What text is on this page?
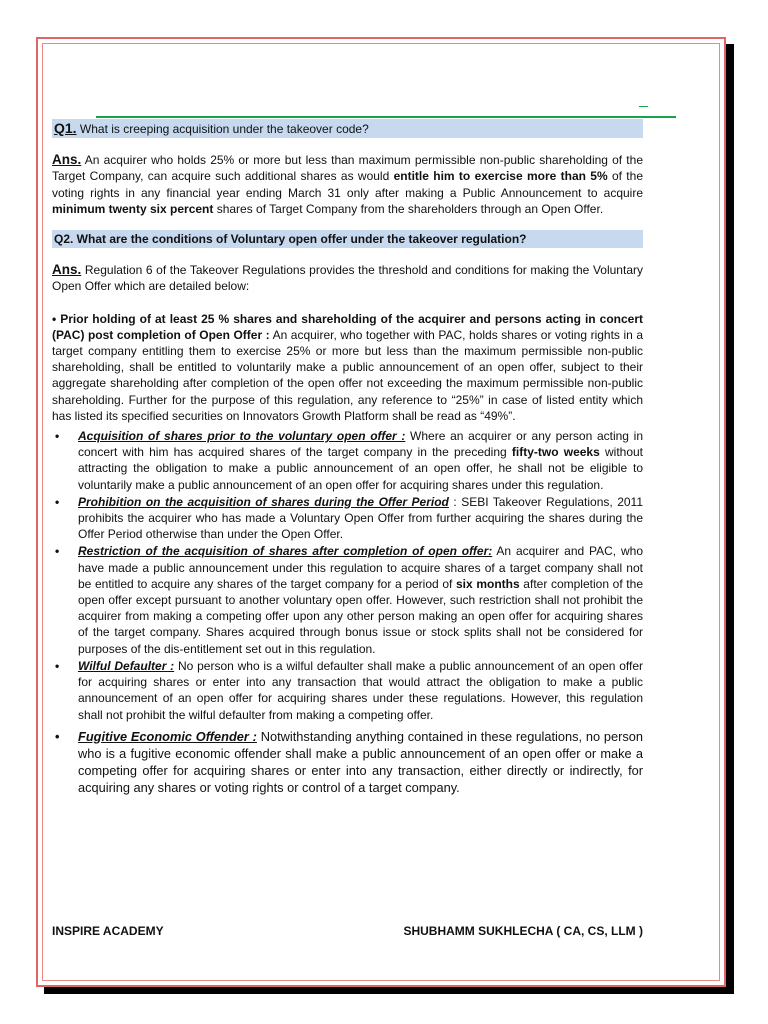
Q1. What is creeping acquisition under the takeover code?

Ans. An acquirer who holds 25% or more but less than maximum permissible non-public shareholding of the Target Company, can acquire such additional shares as would entitle him to exercise more than 5% of the voting rights in any financial year ending March 31 only after making a Public Announcement to acquire minimum twenty six percent shares of Target Company from the shareholders through an Open Offer.

Q2. What are the conditions of Voluntary open offer under the takeover regulation?

Ans. Regulation 6 of the Takeover Regulations provides the threshold and conditions for making the Voluntary Open Offer which are detailed below:

• Prior holding of at least 25 % shares and shareholding of the acquirer and persons acting in concert (PAC) post completion of Open Offer : An acquirer, who together with PAC, holds shares or voting rights in a target company entitling them to exercise 25% or more but less than the maximum permissible non-public shareholding, shall be entitled to voluntarily make a public announcement of an open offer, subject to their aggregate shareholding after completion of the open offer not exceeding the maximum permissible non-public shareholding. Further for the purpose of this regulation, any reference to “25%” in case of listed entity which has listed its specified securities on Innovators Growth Platform shall be read as “49%”.

• Acquisition of shares prior to the voluntary open offer : Where an acquirer or any person acting in concert with him has acquired shares of the target company in the preceding fifty-two weeks without attracting the obligation to make a public announcement of an open offer, he shall not be eligible to voluntarily make a public announcement of an open offer for acquiring shares under this regulation.
• Prohibition on the acquisition of shares during the Offer Period : SEBI Takeover Regulations, 2011 prohibits the acquirer who has made a Voluntary Open Offer from further acquiring the shares during the Offer Period otherwise than under the Open Offer.
• Restriction of the acquisition of shares after completion of open offer: An acquirer and PAC, who have made a public announcement under this regulation to acquire shares of a target company shall not be entitled to acquire any shares of the target company for a period of six months after completion of the open offer except pursuant to another voluntary open offer. However, such restriction shall not prohibit the acquirer from making a competing offer upon any other person making an open offer for acquiring shares of the target company. Shares acquired through bonus issue or stock splits shall not be considered for purposes of the dis-entitlement set out in this regulation.
• Wilful Defaulter : No person who is a wilful defaulter shall make a public announcement of an open offer for acquiring shares or enter into any transaction that would attract the obligation to make a public announcement of an open offer for acquiring shares under these regulations. However, this regulation shall not prohibit the wilful defaulter from making a competing offer.
• Fugitive Economic Offender : Notwithstanding anything contained in these regulations, no person who is a fugitive economic offender shall make a public announcement of an open offer or make a competing offer for acquiring shares or enter into any transaction, either directly or indirectly, for acquiring any shares or voting rights or control of a target company.
INSPIRE ACADEMY	SHUBHAMM SUKHLECHA ( CA, CS, LLM )
